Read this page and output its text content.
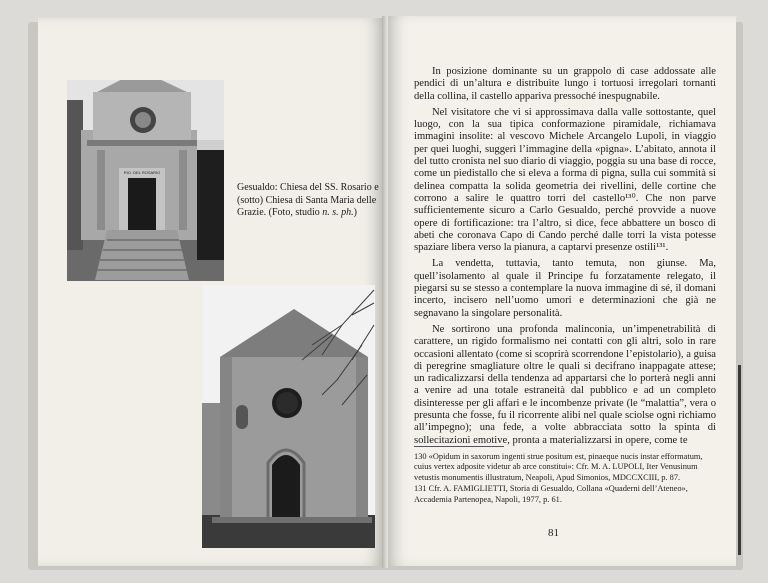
RIO. DEL ROSARIO
Gesualdo: Chiesa del SS. Rosario e (sotto) Chiesa di Santa Maria delle Grazie. (Foto, studio n. s. ph.)

In posizione dominante su un grappolo di case addossate alle pendici di un’altura e distribuite lungo i tortuosi irregolari tornanti della collina, il castello appariva pressoché inespugnabile.

Nel visitatore che vi si approssimava dalla valle sottostante, quel luogo, con la sua tipica conformazione piramidale, richiamava immagini insolite: al vescovo Michele Arcangelo Lupoli, in viaggio per quei luoghi, suggerì l’immagine della «pigna». L’abitato, annota il del tutto cronista nel suo diario di viaggio, poggia su una base di rocce, come un piedistallo che si eleva a forma di pigna, sulla cui sommità si delinea compatta la solida geometria dei rivellini, delle cortine che corrono a salire le quattro torri del castello¹³⁰. Che non parve sufficientemente sicuro a Carlo Gesualdo, perché provvide a nuove opere di fortificazione: tra l’altro, si dice, fece abbattere un bosco di abeti che coronava Capo di Cando perché dalle torri la vista potesse spaziare libera verso la pianura, a captarvi presenze ostili¹³¹.

La vendetta, tuttavia, tanto temuta, non giunse. Ma, quell’isolamento al quale il Principe fu forzatamente relegato, il piegarsi su se stesso a contemplare la nuova immagine di sé, il domani incerto, incisero nell’uomo umori e determinazioni che già ne segnavano la singolare personalità.

Ne sortirono una profonda malinconia, un’impenetrabilità di carattere, un rigido formalismo nei contatti con gli altri, solo in rare occasioni allentato (come si scoprirà scorrendone l’epistolario), a guisa di peregrine smagliature oltre le quali si decifrano inappagate attese; un radicalizzarsi della tendenza ad appartarsi che lo porterà negli anni a venire ad una totale estraneità dal pubblico e ad un completo disinteresse per gli affari e le incombenze private (le “malattia”, vera o presunta che fosse, fu il ricorrente alibi nel quale sciolse ogni richiamo all’impegno); una fede, a volte abbracciata sotto la spinta di sollecitazioni emotive, pronta a materializzarsi in opere, come te

130 «Opidum in saxorum ingenti strue positum est, pinaeque nucis instar efformatum, cuius vertex adposite videtur ab arce constitui»: Cfr. M. A. LUPOLI, Iter Venusinum vetustis monumentis illustratum, Neapoli, Apud Simonios, MDCCXCIII, p. 87.

131 Cfr. A. FAMIGLIETTI, Storia di Gesualdo, Collana «Quaderni dell’Ateneo», Accademia Partenopea, Napoli, 1977, p. 61.

81
